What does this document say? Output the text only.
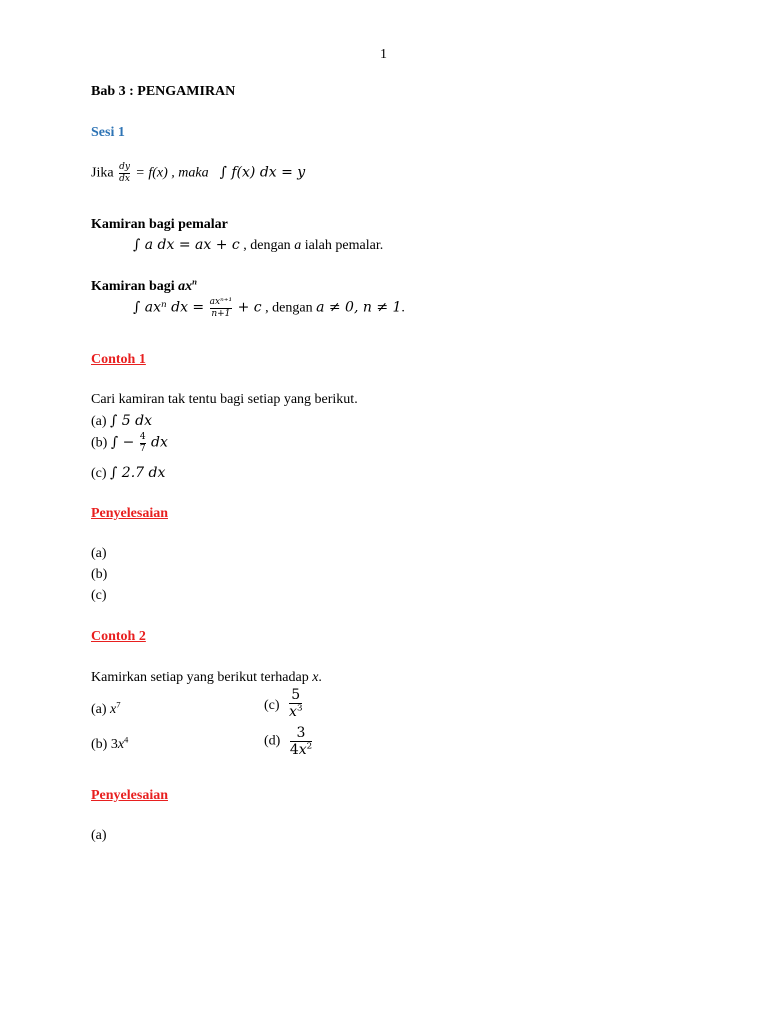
1
Bab 3 : PENGAMIRAN
Sesi 1
Jika $\frac{dy}{dx} = f(x)$ , maka ∫ f(x) dx = y
Kamiran bagi pemalar
∫ a dx = ax + c , dengan a ialah pemalar.
Kamiran bagi $ax^n$
∫ axⁿ dx = $\frac{\text{axⁿ⁺¹}}{n+1} + c$ , dengan a ≠ 0, n ≠ 1.
Contoh 1
Cari kamiran tak tentu bagi setiap yang berikut.
(a) ∫ 5 dx
(b) ∫ − $\frac{4}{7}$ dx
(c) ∫ 2.7 dx
Penyelesaian
(a)
(b)
(c)
Contoh 2
Kamirkan setiap yang berikut terhadap x.
(a) $x^7$	$(c) \frac{5}{x^3}$
(b) $3x^4$	$(d) \frac{3}{4x^2}$
Penyelesaian
(a)
